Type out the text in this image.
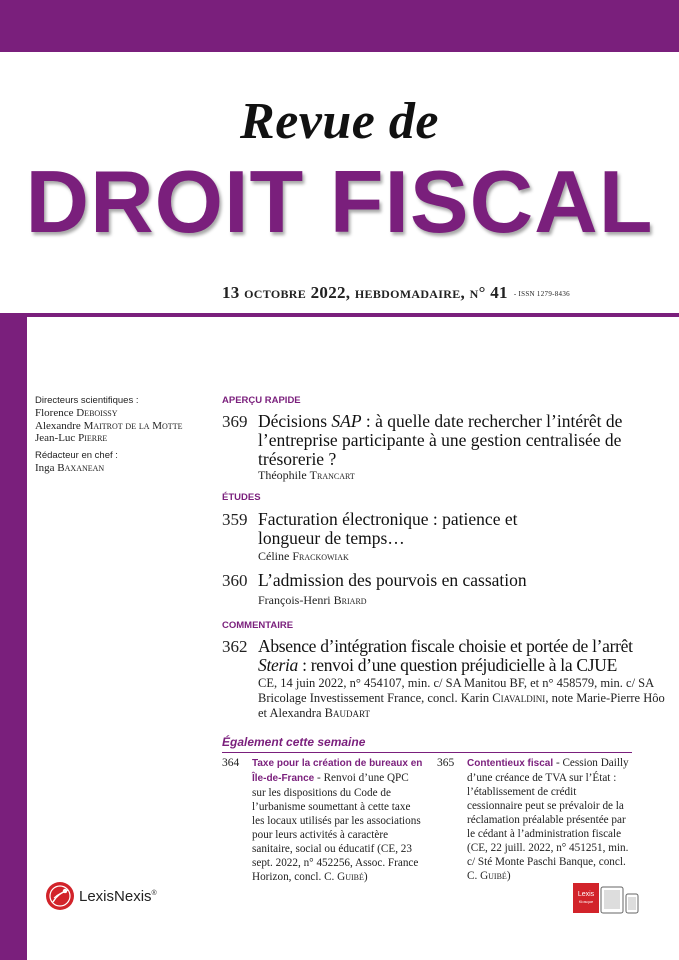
Revue de
DROIT FISCAL
13 octobre 2022, hebdomadaire, n° 41 - ISSN 1279-8436
Directeurs scientifiques :
Florence Deboissy
Alexandre Maitrot de la Motte
Jean-Luc Pierre
Rédacteur en chef :
Inga Baxanean
APERÇU RAPIDE
369 Décisions SAP : à quelle date rechercher l’intérêt de l’entreprise participante à une gestion centralisée de trésorerie ?
Théophile Trancart
ÉTUDES
359 Facturation électronique : patience et longueur de temps…
Céline Frackowiak
360 L’admission des pourvois en cassation
François-Henri Briard
COMMENTAIRE
362 Absence d’intégration fiscale choisie et portée de l’arrêt Steria : renvoi d’une question préjudicielle à la CJUE
CE, 14 juin 2022, n° 454107, min. c/ SA Manitou BF, et n° 458579, min. c/ SA Bricolage Investissement France, concl. Karin Ciavaldini, note Marie-Pierre Hôo et Alexandra Baudart
Également cette semaine
364 Taxe pour la création de bureaux en Île-de-France - Renvoi d’une QPC sur les dispositions du Code de l’urbanisme soumettant à cette taxe les locaux utilisés par les associations pour leurs activités à caractère sanitaire, social ou éducatif (CE, 23 sept. 2022, n° 452256, Assoc. France Horizon, concl. C. Guibé)
365 Contentieux fiscal - Cession Dailly d’une créance de TVA sur l’État : l’établissement de crédit cessionnaire peut se prévaloir de la réclamation préalable présentée par le cédant à l’administration fiscale (CE, 22 juill. 2022, n° 451251, min. c/ Sté Monte Paschi Banque, concl. C. Guibé)
LexisNexis®	Lexis
Kiosque
